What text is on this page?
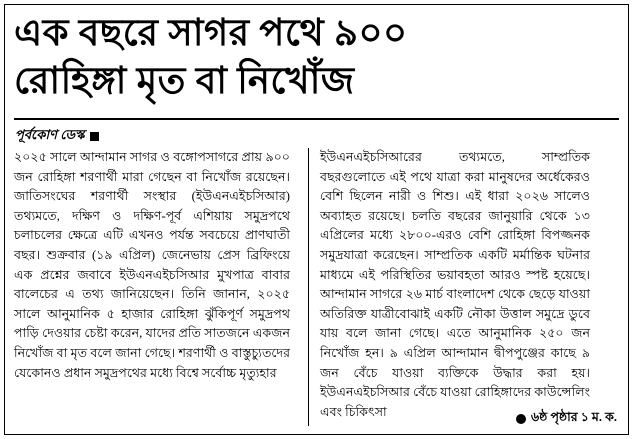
এক বছরে সাগর পথে ৯০০
রোহিঙ্গা মৃত বা নিখোঁজ
পূর্বকোণ ডেস্ক

২০২৫ সালে আন্দামান সাগর ও বঙ্গোপসাগরে প্রায় ৯০০ জন রোহিঙ্গা শরণার্থী মারা গেছেন বা নিখোঁজ রয়েছেন। জাতিসংঘের শরণার্থী সংস্থার (ইউএনএইচসিআর) তথ্যমতে, দক্ষিণ ও দক্ষিণ-পূর্ব এশিয়ায় সমুদ্রপথে চলাচলের ক্ষেত্রে এটি এখনও পর্যন্ত সবচেয়ে প্রাণঘাতী বছর। শুক্রবার (১৯ এপ্রিল) জেনেভায় প্রেস ব্রিফিংয়ে এক প্রশ্নের জবাবে ইউএনএইচসিআর মুখপাত্র বাবার বালেচের এ তথ্য জানিয়েছেন। তিনি জানান, ২০২৫ সালে আনুমানিক ৫ হাজার রোহিঙ্গা ঝুঁকিপূর্ণ সমুদ্রপথ পাড়ি দেওয়ার চেষ্টা করেন, যাদের প্রতি সাতজনে একজন নিখোঁজ বা মৃত বলে জানা গেছে। শরণার্থী ও বাস্তুচ্যুতদের যেকোনও প্রধান সমুদ্রপথের মধ্যে বিশ্বে সর্বোচ্চ মৃত্যুহার

ইউএনএইচসিআরের তথ্যমতে, সাম্প্রতিক বছরগুলোতে এই পথে যাত্রা করা মানুষদের অর্ধেকেরও বেশি ছিলেন নারী ও শিশু। এই ধারা ২০২৬ সালেও অব্যাহত রয়েছে। চলতি বছরের জানুয়ারি থেকে ১৩ এপ্রিলের মধ্যে ২৮০০-এরও বেশি রোহিঙ্গা বিপজ্জনক সমুদ্রযাত্রা করেছেন। সাম্প্রতিক একটি মর্মান্তিক ঘটনার মাধ্যমে এই পরিস্থিতির ভয়াবহতা আরও স্পষ্ট হয়েছে। আন্দামান সাগরে ২৬ মার্চ বাংলাদেশ থেকে ছেড়ে যাওয়া অতিরিক্ত যাত্রীবোঝাই একটি নৌকা উত্তাল সমুদ্রে ডুবে যায় বলে জানা গেছে। এতে আনুমানিক ২৫০ জন নিখোঁজ হন। ৯ এপ্রিল আন্দামান দ্বীপপুঞ্জের কাছে ৯ জন বেঁচে যাওয়া ব্যক্তিকে উদ্ধার করা হয়। ইউএনএইচসিআর বেঁচে যাওয়া রোহিঙ্গাদের কাউন্সেলিং এবং চিকিৎসা	৬ষ্ঠ পৃষ্ঠার ১ ম. ক.
